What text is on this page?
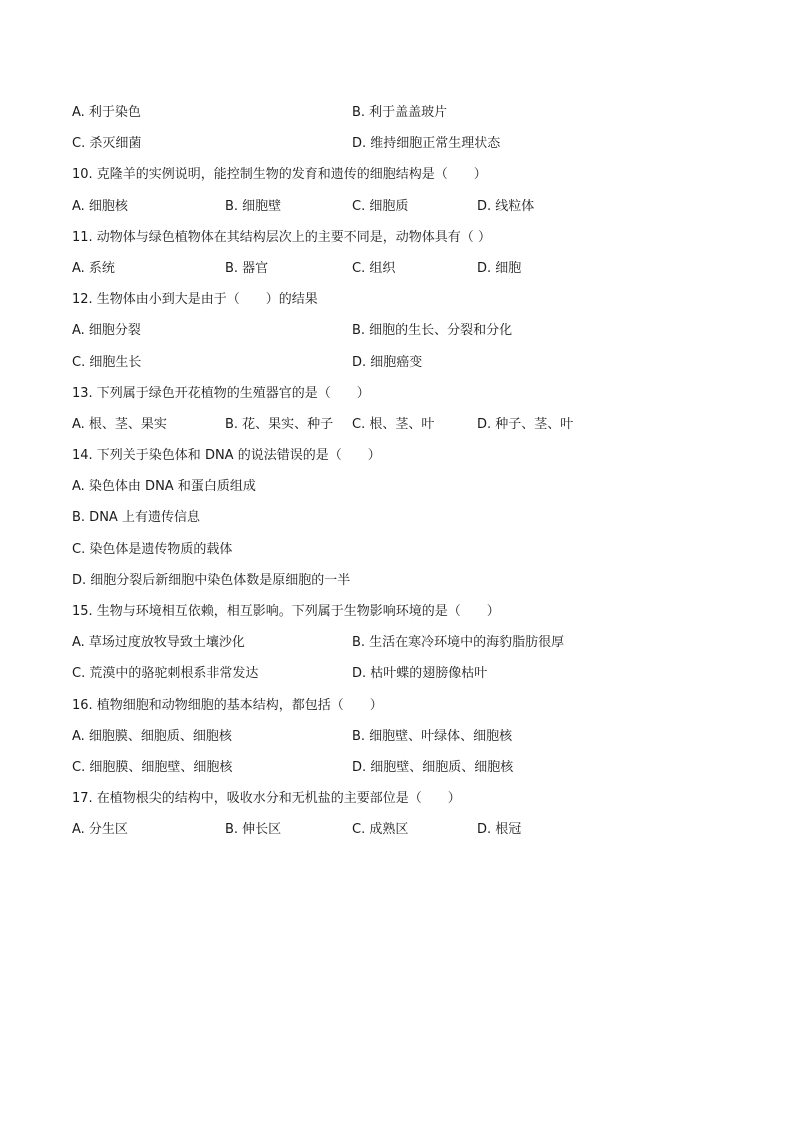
A. 利于染色	B. 利于盖盖玻片
C. 杀灭细菌	D. 维持细胞正常生理状态
10. 克隆羊的实例说明，能控制生物的发育和遗传的细胞结构是（　　）
A. 细胞核	B. 细胞壁	C. 细胞质	D. 线粒体
11. 动物体与绿色植物体在其结构层次上的主要不同是，动物体具有（ ）
A. 系统	B. 器官	C. 组织	D. 细胞
12. 生物体由小到大是由于（　　）的结果
A. 细胞分裂	B. 细胞的生长、分裂和分化
C. 细胞生长	D. 细胞癌变
13. 下列属于绿色开花植物的生殖器官的是（　　）
A. 根、茎、果实	B. 花、果实、种子 C. 根、茎、叶	D. 种子、茎、叶
14. 下列关于染色体和 DNA 的说法错误的是（　　）
A. 染色体由 DNA 和蛋白质组成
B. DNA 上有遗传信息
C. 染色体是遗传物质的载体
D. 细胞分裂后新细胞中染色体数是原细胞的一半
15. 生物与环境相互依赖，相互影响。下列属于生物影响环境的是（　　）
A. 草场过度放牧导致土壤沙化	B. 生活在寒冷环境中的海豹脂肪很厚
C. 荒漠中的骆驼刺根系非常发达	D. 枯叶蝶的翅膀像枯叶
16. 植物细胞和动物细胞的基本结构，都包括（　　）
A. 细胞膜、细胞质、细胞核	B. 细胞壁、叶绿体、细胞核
C. 细胞膜、细胞壁、细胞核	D. 细胞壁、细胞质、细胞核
17. 在植物根尖的结构中，吸收水分和无机盐的主要部位是（　　）
A. 分生区	B. 伸长区	C. 成熟区	D. 根冠
